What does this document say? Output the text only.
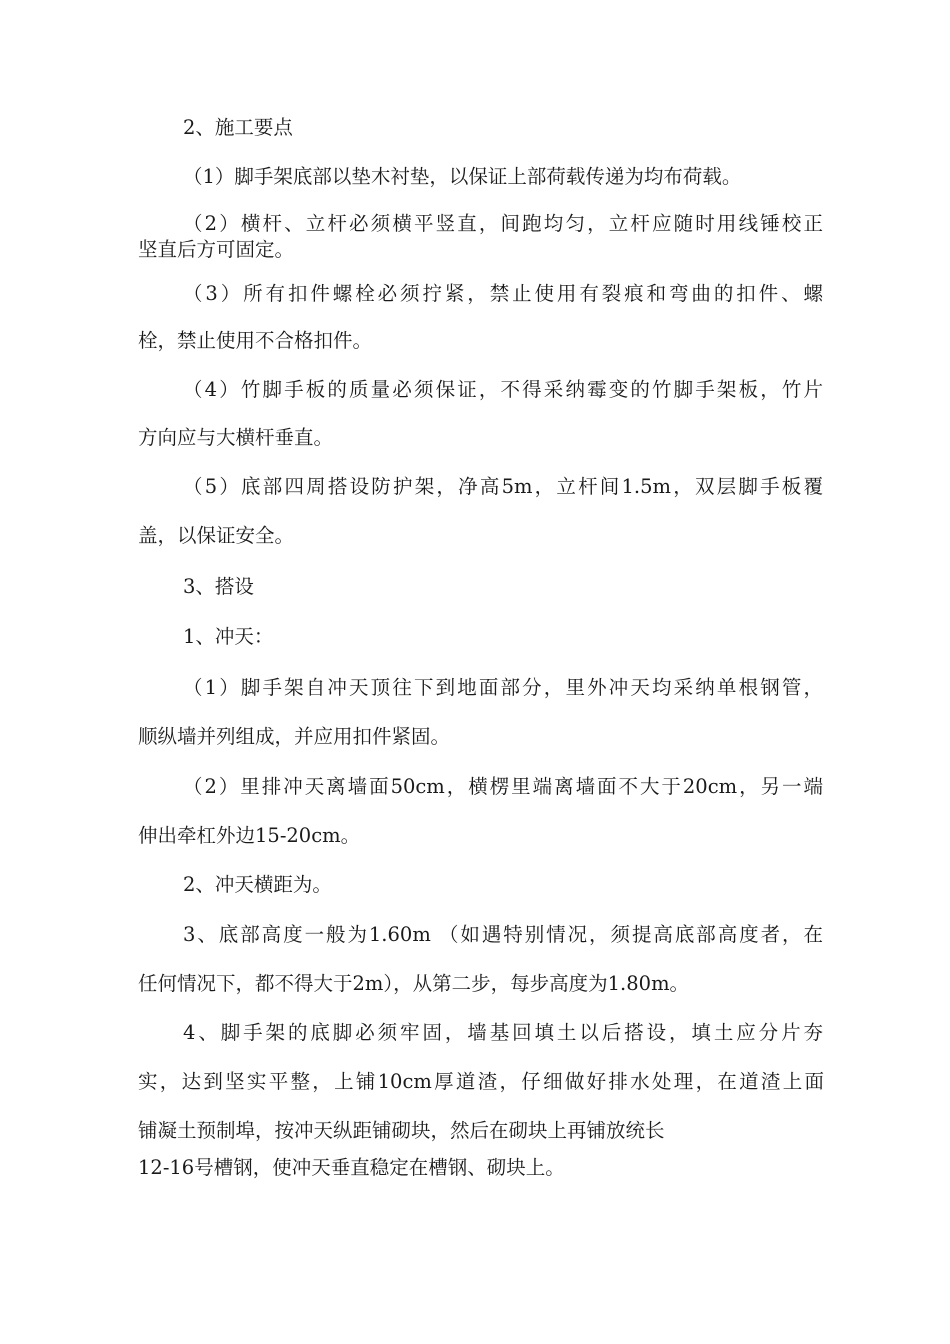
2、施工要点

（1）脚手架底部以垫木衬垫，以保证上部荷载传递为均布荷载。

（2）横杆、立杆必须横平竖直，间跑均匀，立杆应随时用线锤校正

坚直后方可固定。

（3）所有扣件螺栓必须拧紧，禁止使用有裂痕和弯曲的扣件、螺

栓，禁止使用不合格扣件。

（4）竹脚手板的质量必须保证，不得采纳霉变的竹脚手架板，竹片

方向应与大横杆垂直。

（5）底部四周搭设防护架，净高5m，立杆间1.5m，双层脚手板覆

盖，以保证安全。

3、搭设

1、冲天：

（1）脚手架自冲天顶往下到地面部分，里外冲天均采纳单根钢管，

顺纵墙并列组成，并应用扣件紧固。

（2）里排冲天离墙面50cm，横楞里端离墙面不大于20cm，另一端

伸出牵杠外边15-20cm。

2、冲天横距为。

3、底部高度一般为1.60m （如遇特别情况，须提高底部高度者，在

任何情况下，都不得大于2m），从第二步，每步高度为1.80m。

4、脚手架的底脚必须牢固，墙基回填土以后搭设，填土应分片夯

实，达到坚实平整，上铺10cm厚道渣，仔细做好排水处理，在道渣上面

铺凝土预制埠，按冲天纵距铺砌块，然后在砌块上再铺放统长

12-16号槽钢，使冲天垂直稳定在槽钢、砌块上。
